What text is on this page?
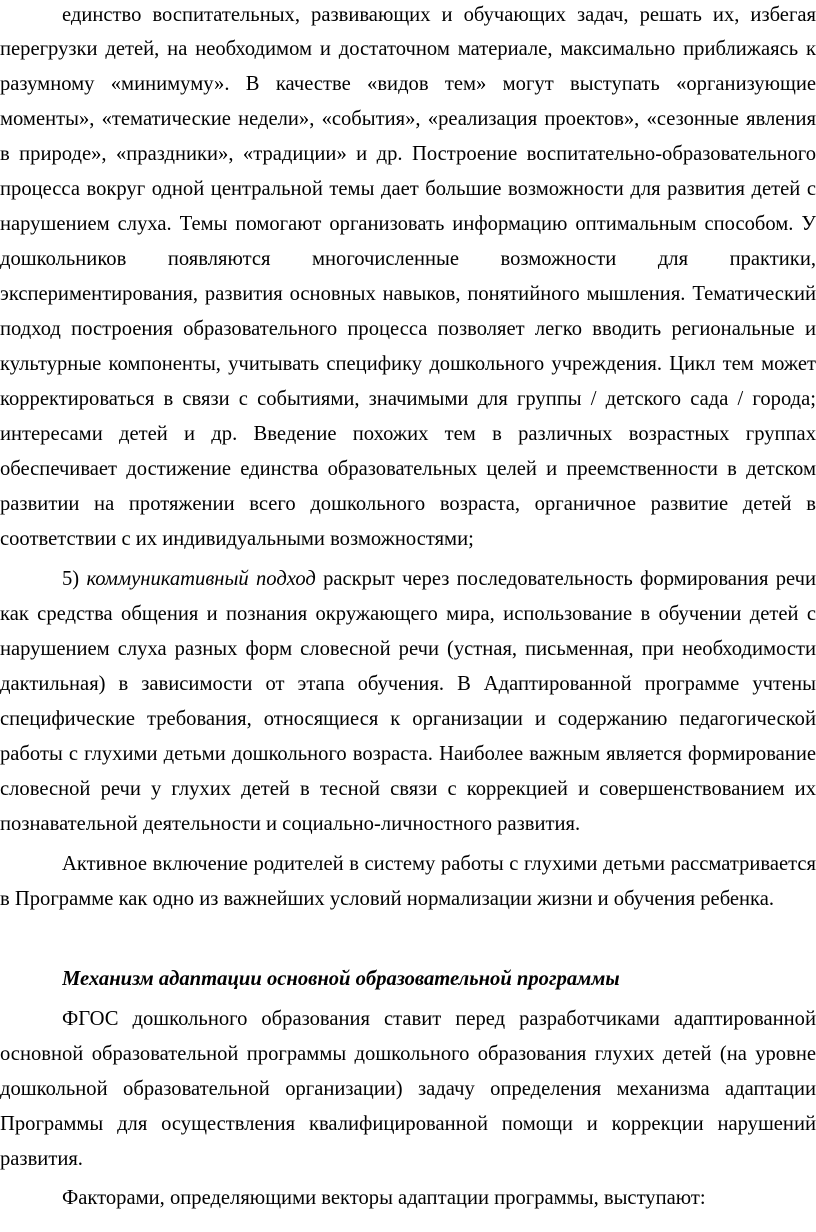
единство воспитательных, развивающих и обучающих задач, решать их, избегая
перегрузки детей, на необходимом и достаточном материале, максимально приближаясь к
разумному «минимуму». В качестве «видов тем» могут выступать «организующие
моменты», «тематические недели», «события», «реализация проектов», «сезонные явления
в природе», «праздники», «традиции» и др. Построение воспитательно-образовательного
процесса вокруг одной центральной темы дает большие возможности для развития детей с
нарушением слуха. Темы помогают организовать информацию оптимальным способом. У
дошкольников появляются многочисленные возможности для практики,
экспериментирования, развития основных навыков, понятийного мышления. Тематический
подход построения образовательного процесса позволяет легко вводить региональные и
культурные компоненты, учитывать специфику дошкольного учреждения. Цикл тем может
корректироваться в связи с событиями, значимыми для группы / детского сада / города;
интересами детей и др. Введение похожих тем в различных возрастных группах
обеспечивает достижение единства образовательных целей и преемственности в детском
развитии на протяжении всего дошкольного возраста, органичное развитие детей в
соответствии с их индивидуальными возможностями;
5) коммуникативный подход раскрыт через последовательность формирования речи
как средства общения и познания окружающего мира, использование в обучении детей с
нарушением слуха разных форм словесной речи (устная, письменная, при необходимости
дактильная) в зависимости от этапа обучения. В Адаптированной программе учтены
специфические требования, относящиеся к организации и содержанию педагогической
работы с глухими детьми дошкольного возраста. Наиболее важным является формирование
словесной речи у глухих детей в тесной связи с коррекцией и совершенствованием их
познавательной деятельности и социально-личностного развития.
Активное включение родителей в систему работы с глухими детьми рассматривается
в Программе как одно из важнейших условий нормализации жизни и обучения ребенка.
Механизм адаптации основной образовательной программы
ФГОС дошкольного образования ставит перед разработчиками адаптированной
основной образовательной программы дошкольного образования глухих детей (на уровне
дошкольной образовательной организации) задачу определения механизма адаптации
Программы для осуществления квалифицированной помощи и коррекции нарушений
развития.
Факторами, определяющими векторы адаптации программы, выступают:
